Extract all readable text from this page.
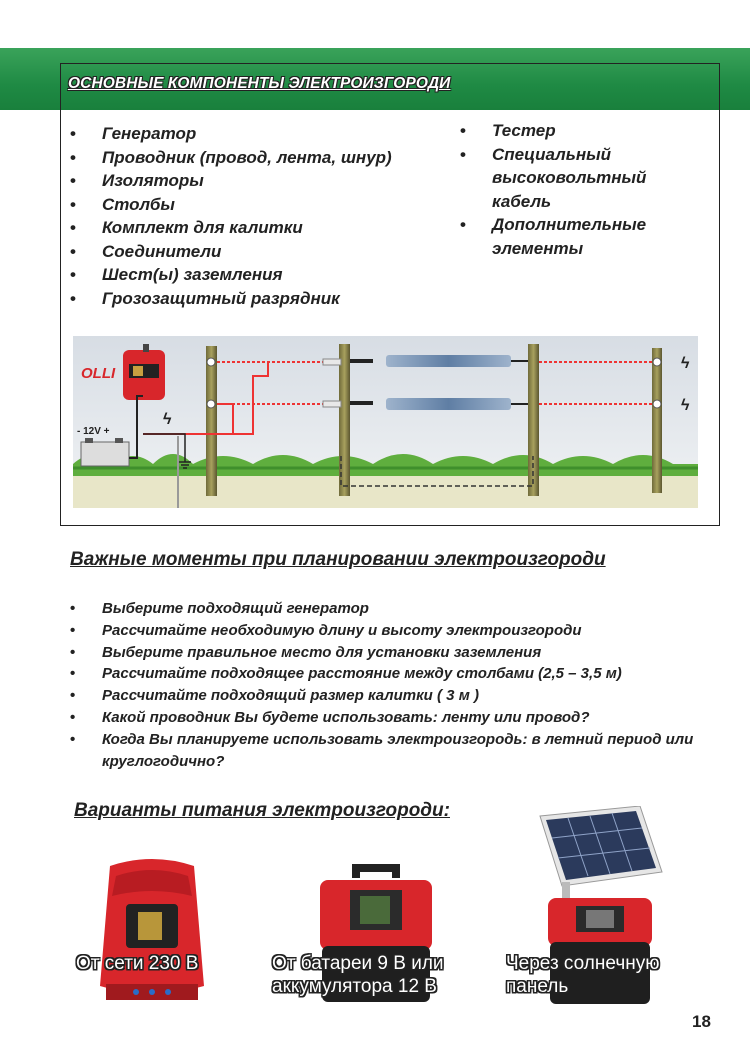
ОСНОВНЫЕ КОМПОНЕНТЫ ЭЛЕКТРОИЗГОРОДИ
• Генератор
• Проводник (провод, лента, шнур)
• Изоляторы
• Столбы
• Комплект для калитки
• Соединители
• Шест(ы) заземления
• Грозозащитный разрядник
• Тестер
• Специальный высоковольтный кабель
• Дополнительные элементы
ϟ
ϟ
ϟ
OLLI
- 12V +
Важные моменты при планировании электроизгороди
• Выберите подходящий генератор
• Рассчитайте необходимую длину и высоту электроизгороди
• Выберите правильное место для установки заземления
• Рассчитайте подходящее расстояние между столбами (2,5 – 3,5 м)
• Рассчитайте подходящий размер калитки ( 3 м )
• Какой проводник Вы будете использовать: ленту или провод?
• Когда Вы планируете использовать электроизгородь: в летний период или круглогодично?
Варианты питания электроизгороди:
От сети 230 В	От батареи 9 В или
аккумулятора 12 В
Через солнечную
панель
18
